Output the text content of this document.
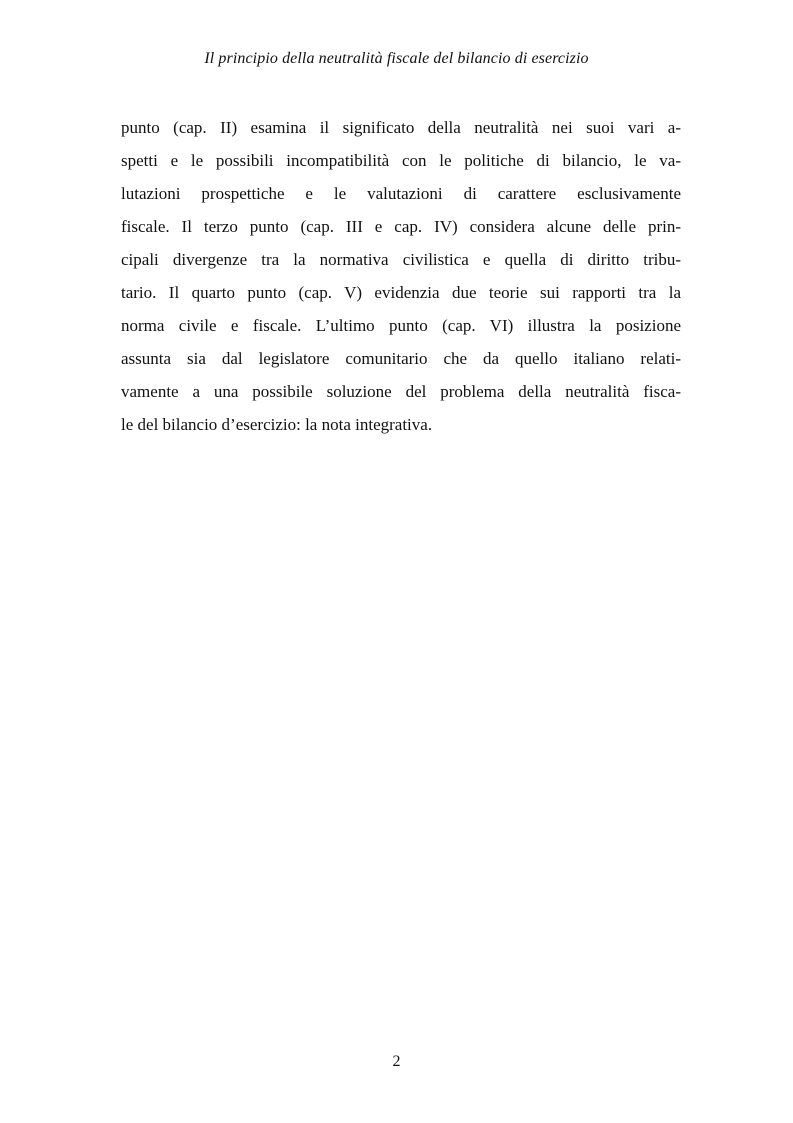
Il principio della neutralità fiscale del bilancio di esercizio
punto (cap. II) esamina il significato della neutralità nei suoi vari a-
spetti e le possibili incompatibilità con le politiche di bilancio, le va-
lutazioni prospettiche e le valutazioni di carattere esclusivamente
fiscale. Il terzo punto (cap. III e cap. IV) considera alcune delle prin-
cipali divergenze tra la normativa civilistica e quella di diritto tribu-
tario. Il quarto punto (cap. V) evidenzia due teorie sui rapporti tra la
norma civile e fiscale. L’ultimo punto (cap. VI) illustra la posizione
assunta sia dal legislatore comunitario che da quello italiano relati-
vamente a una possibile soluzione del problema della neutralità fisca-
le del bilancio d’esercizio: la nota integrativa.
2
